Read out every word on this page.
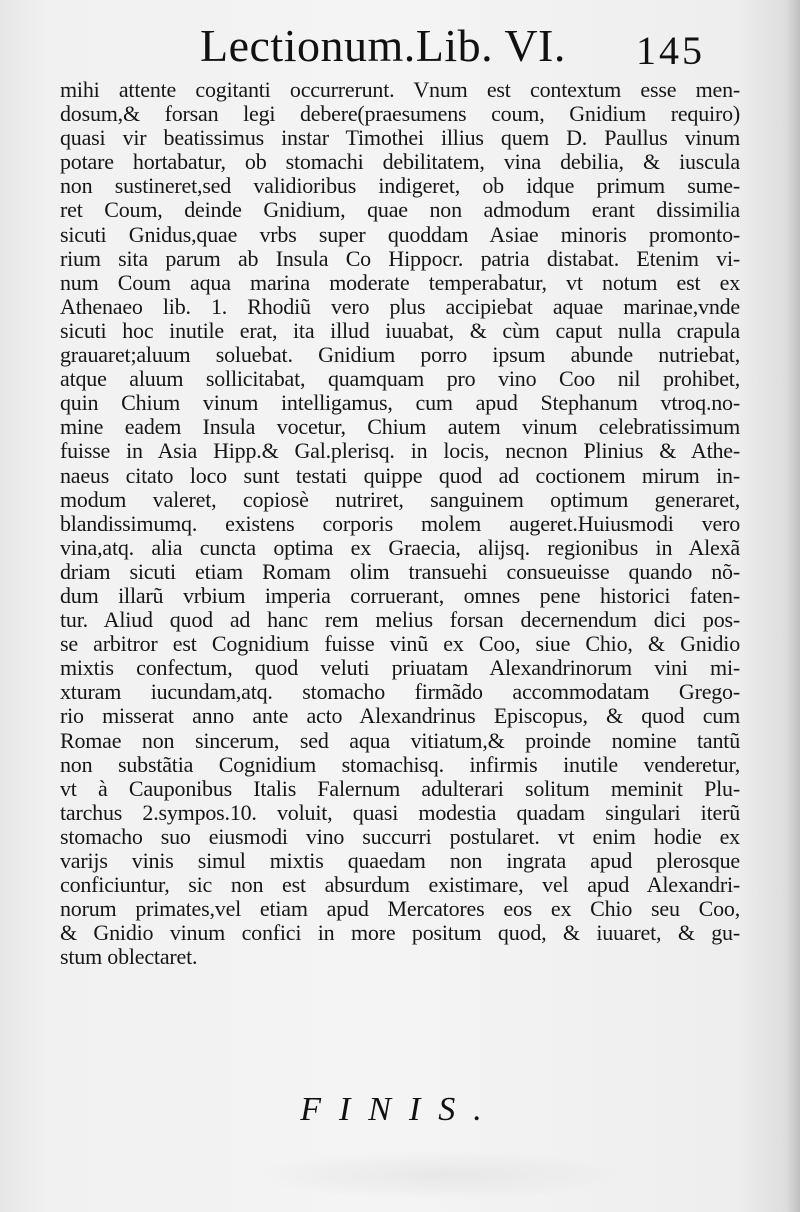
Lectionum.Lib. VI. 145
mihi attente cogitanti occurrerunt. Vnum est contextum esse men-
dosum,& forsan legi debere(praesumens coum, Gnidium requiro)
quasi vir beatissimus instar Timothei illius quem D. Paullus vinum
potare hortabatur, ob stomachi debilitatem, vina debilia, & iuscula
non sustineret,sed validioribus indigeret, ob idque primum sume-
ret Coum, deinde Gnidium, quae non admodum erant dissimilia
sicuti Gnidus,quae vrbs super quoddam Asiae minoris promonto-
rium sita parum ab Insula Co Hippocr. patria distabat. Etenim vi-
num Coum aqua marina moderate temperabatur, vt notum est ex
Athenaeo lib. 1. Rhodiũ vero plus accipiebat aquae marinae,vnde
sicuti hoc inutile erat, ita illud iuuabat, & cùm caput nulla crapula
grauaret;aluum soluebat. Gnidium porro ipsum abunde nutriebat,
atque aluum sollicitabat, quamquam pro vino Coo nil prohibet,
quin Chium vinum intelligamus, cum apud Stephanum vtroq.no-
mine eadem Insula vocetur, Chium autem vinum celebratissimum
fuisse in Asia Hipp.& Gal.plerisq. in locis, necnon Plinius & Athe-
naeus citato loco sunt testati quippe quod ad coctionem mirum in-
modum valeret, copiosè nutriret, sanguinem optimum generaret,
blandissimumq. existens corporis molem augeret.Huiusmodi vero
vina,atq. alia cuncta optima ex Graecia, alijsq. regionibus in Alexã
driam sicuti etiam Romam olim transuehi consueuisse quando nõ-
dum illarũ vrbium imperia corruerant, omnes pene historici faten-
tur. Aliud quod ad hanc rem melius forsan decernendum dici pos-
se arbitror est Cognidium fuisse vinũ ex Coo, siue Chio, & Gnidio
mixtis confectum, quod veluti priuatam Alexandrinorum vini mi-
xturam iucundam,atq. stomacho firmãdo accommodatam Grego-
rio misserat anno ante acto Alexandrinus Episcopus, & quod cum
Romae non sincerum, sed aqua vitiatum,& proinde nomine tantũ
non substãtia Cognidium stomachisq. infirmis inutile venderetur,
vt à Cauponibus Italis Falernum adulterari solitum meminit Plu-
tarchus 2.sympos.10. voluit, quasi modestia quadam singulari iterũ
stomacho suo eiusmodi vino succurri postularet. vt enim hodie ex
varijs vinis simul mixtis quaedam non ingrata apud plerosque
conficiuntur, sic non est absurdum existimare, vel apud Alexandri-
norum primates,vel etiam apud Mercatores eos ex Chio seu Coo,
& Gnidio vinum confici in more positum quod, & iuuaret, & gu-
stum oblectaret.
FINIS.
